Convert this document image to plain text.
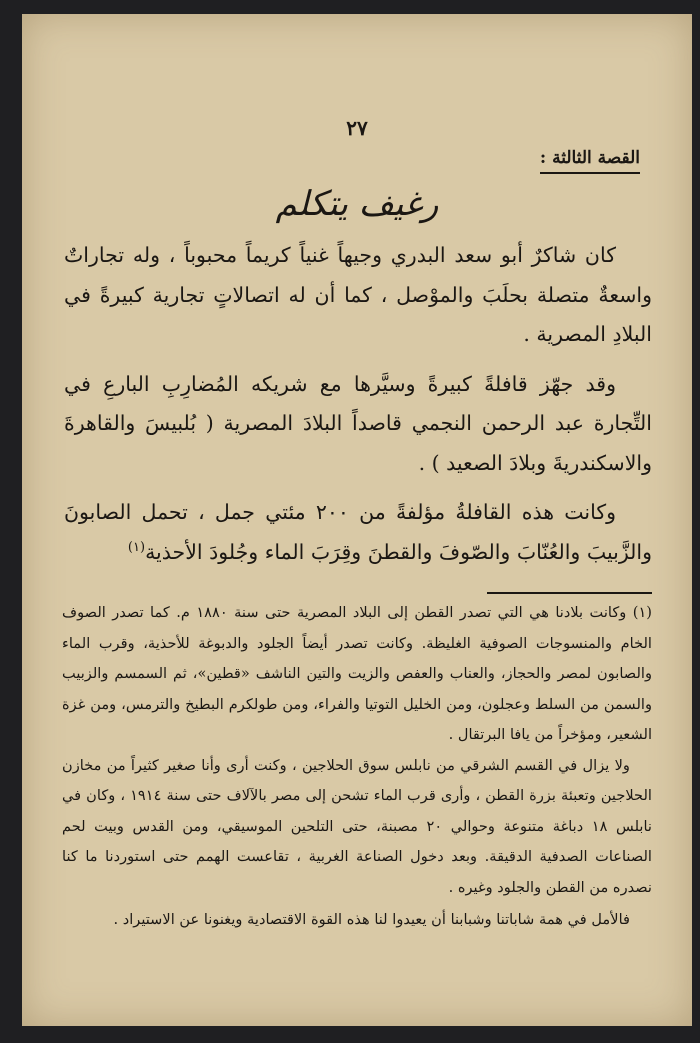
٢٧
القصة الثالثة :
رغيف يتكلم

كان شاكرٌ أبو سعد البدري وجيهاً غنياً كريماً محبوباً ، وله تجاراتٌ واسعةٌ متصلة بحلَبَ والموْصل ، كما أن له اتصالاتٍ تجارية كبيرةً في البلادِ المصرية .

وقد جهّز قافلةً كبيرةً وسيَّرها مع شريكه المُضارِبِ البارعِ في التِّجارة عبد الرحمن النجمي قاصداً البلادَ المصرية ( بُلبيسَ والقاهرةَ والاسكندريةَ وبلادَ الصعيد ) .

وكانت هذه القافلةُ مؤلفةً من ٢٠٠ مئتي جمل ، تحمل الصابونَ والزَّبيبَ والعُنّابَ والصّوفَ والقطنَ وقِرَبَ الماء وجُلودَ الأحذية$^{(١)}$

(١) وكانت بلادنا هي التي تصدر القطن إلى البلاد المصرية حتى سنة ١٨٨٠ م. كما تصدر الصوف الخام والمنسوجات الصوفية الغليظة. وكانت تصدر أيضاً الجلود والدبوغة للأحذية، وقرب الماء والصابون لمصر والحجاز، والعناب والعفص والزيت والتين الناشف «قطين»، ثم السمسم والزبيب والسمن من السلط وعجلون، ومن الخليل التوتيا والفراء، ومن طولكرم البطيخ والترمس، ومن غزة الشعير، ومؤخراً من يافا البرتقال .

ولا يزال في القسم الشرقي من نابلس سوق الحلاجين ، وكنت أرى وأنا صغير كثيراً من مخازن الحلاجين وتعبئة بزرة القطن ، وأرى قرب الماء تشحن إلى مصر بالآلاف حتى سنة ١٩١٤ ، وكان في نابلس ١٨ دباغة متنوعة وحوالي ٢٠ مصبنة، حتى التلحين الموسيقي، ومن القدس وبيت لحم الصناعات الصدفية الدقيقة. وبعد دخول الصناعة الغربية ، تقاعست الهمم حتى استوردنا ما كنا نصدره من القطن والجلود وغيره .

فالأمل في همة شاباتنا وشبابنا أن يعيدوا لنا هذه القوة الاقتصادية ويغنونا عن الاستيراد .
